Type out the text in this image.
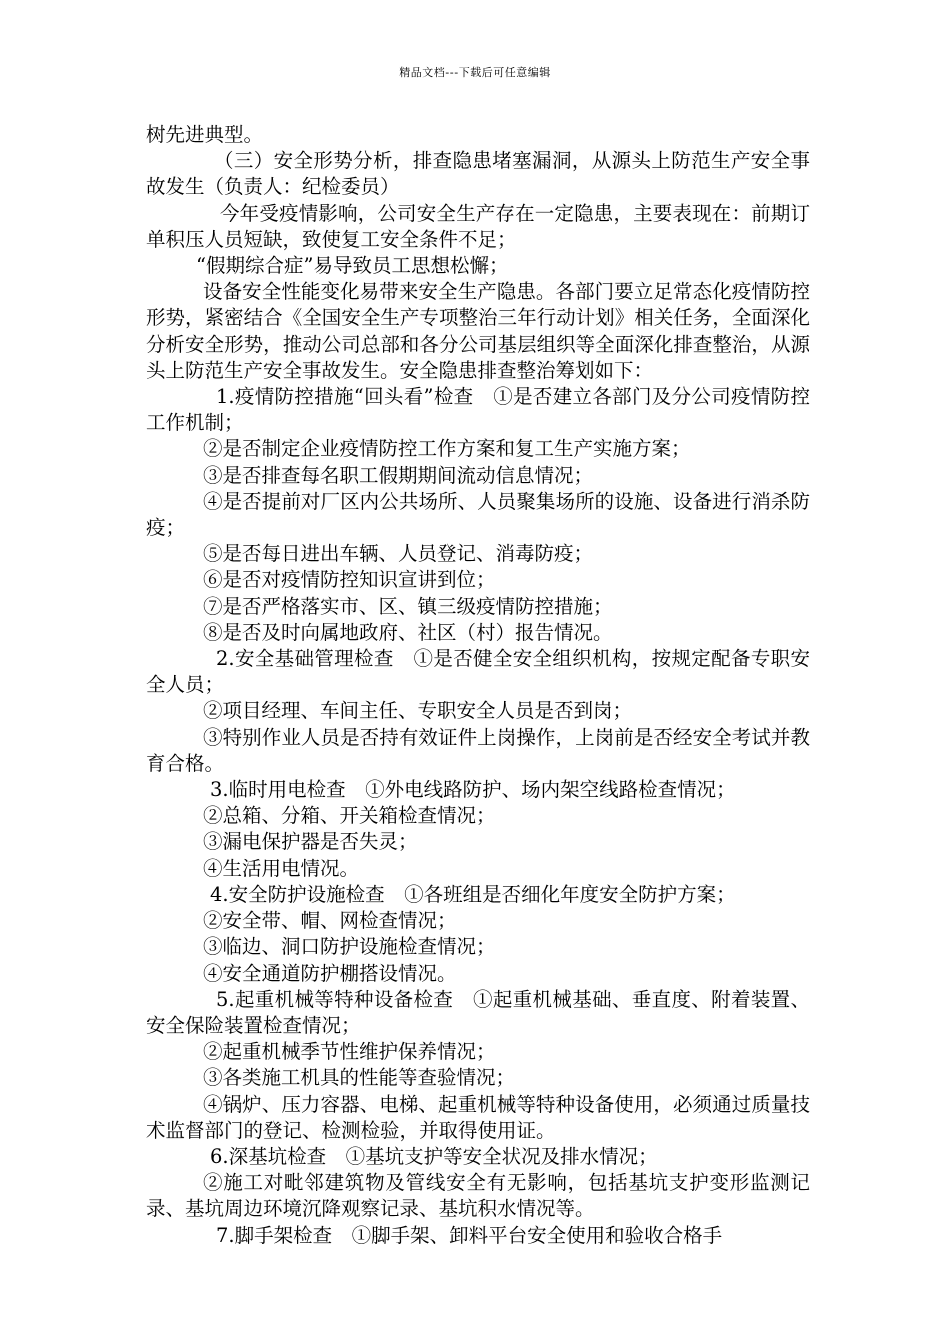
精品文档---下载后可任意编辑

树先进典型。

（三）安全形势分析，排查隐患堵塞漏洞，从源头上防范生产安全事故发生（负责人：纪检委员）

今年受疫情影响，公司安全生产存在一定隐患，主要表现在：前期订单积压人员短缺，致使复工安全条件不足；

“假期综合症”易导致员工思想松懈；

设备安全性能变化易带来安全生产隐患。各部门要立足常态化疫情防控形势，紧密结合《全国安全生产专项整治三年行动计划》相关任务，全面深化分析安全形势，推动公司总部和各分公司基层组织等全面深化排查整治，从源头上防范生产安全事故发生。安全隐患排查整治筹划如下：

1.疫情防控措施“回头看”检查　①是否建立各部门及分公司疫情防控工作机制；

②是否制定企业疫情防控工作方案和复工生产实施方案；

③是否排查每名职工假期期间流动信息情况；

④是否提前对厂区内公共场所、人员聚集场所的设施、设备进行消杀防疫；

⑤是否每日进出车辆、人员登记、消毒防疫；

⑥是否对疫情防控知识宣讲到位；

⑦是否严格落实市、区、镇三级疫情防控措施；

⑧是否及时向属地政府、社区（村）报告情况。

2.安全基础管理检查　①是否健全安全组织机构，按规定配备专职安全人员；

②项目经理、车间主任、专职安全人员是否到岗；

③特别作业人员是否持有效证件上岗操作，上岗前是否经安全考试并教育合格。

3.临时用电检查　①外电线路防护、场内架空线路检查情况；

②总箱、分箱、开关箱检查情况；

③漏电保护器是否失灵；

④生活用电情况。

4.安全防护设施检查　①各班组是否细化年度安全防护方案；

②安全带、帽、网检查情况；

③临边、洞口防护设施检查情况；

④安全通道防护棚搭设情况。

5.起重机械等特种设备检查　①起重机械基础、垂直度、附着装置、安全保险装置检查情况；

②起重机械季节性维护保养情况；

③各类施工机具的性能等查验情况；

④锅炉、压力容器、电梯、起重机械等特种设备使用，必须通过质量技术监督部门的登记、检测检验，并取得使用证。

6.深基坑检查　①基坑支护等安全状况及排水情况；

②施工对毗邻建筑物及管线安全有无影响，包括基坑支护变形监测记录、基坑周边环境沉降观察记录、基坑积水情况等。

7.脚手架检查　①脚手架、卸料平台安全使用和验收合格手
